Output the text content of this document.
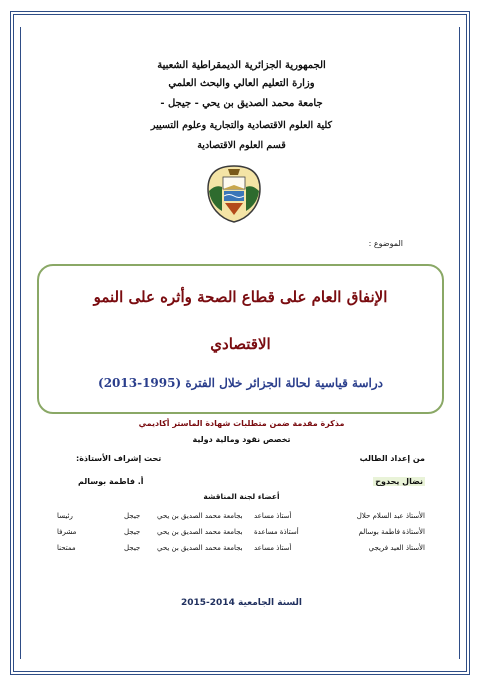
الجمهورية الجزائرية الديمقراطية الشعبية
وزارة التعليم العالي والبحث العلمي
جامعة محمد الصديق بن يحي - جيجل -
كلية العلوم الاقتصادية والتجارية وعلوم التسيير
قسم العلوم الاقتصادية
الموضوع :
الإنفاق العام على قطاع الصحة وأثره على النمو
الاقتصادي
دراسة قياسية لحالة الجزائر خلال الفترة (1995-2013)
مذكرة مقدمة ضمن متطلبات شهادة الماستر أكاديمي
تخصص نقود ومالية دولية
من إعداد الطالب
تحت إشراف الأستاذة:
نضال يحدوح
أ. فاطمة بوسالم
أعضاء لجنة المناقشة
الأستاذ عبد السلام حلال
أستاذ مساعد
بجامعة محمد الصديق بن يحي
جيجل
رئيسا
الأستاذة فاطمة بوسالم
أستاذة مساعدة
بجامعة محمد الصديق بن يحي
جيجل
مشرفا
الأستاذ العيد فريجي
أستاذ مساعد
بجامعة محمد الصديق بن يحي
جيجل
ممتحنا
السنة الجامعية 2014-2015
